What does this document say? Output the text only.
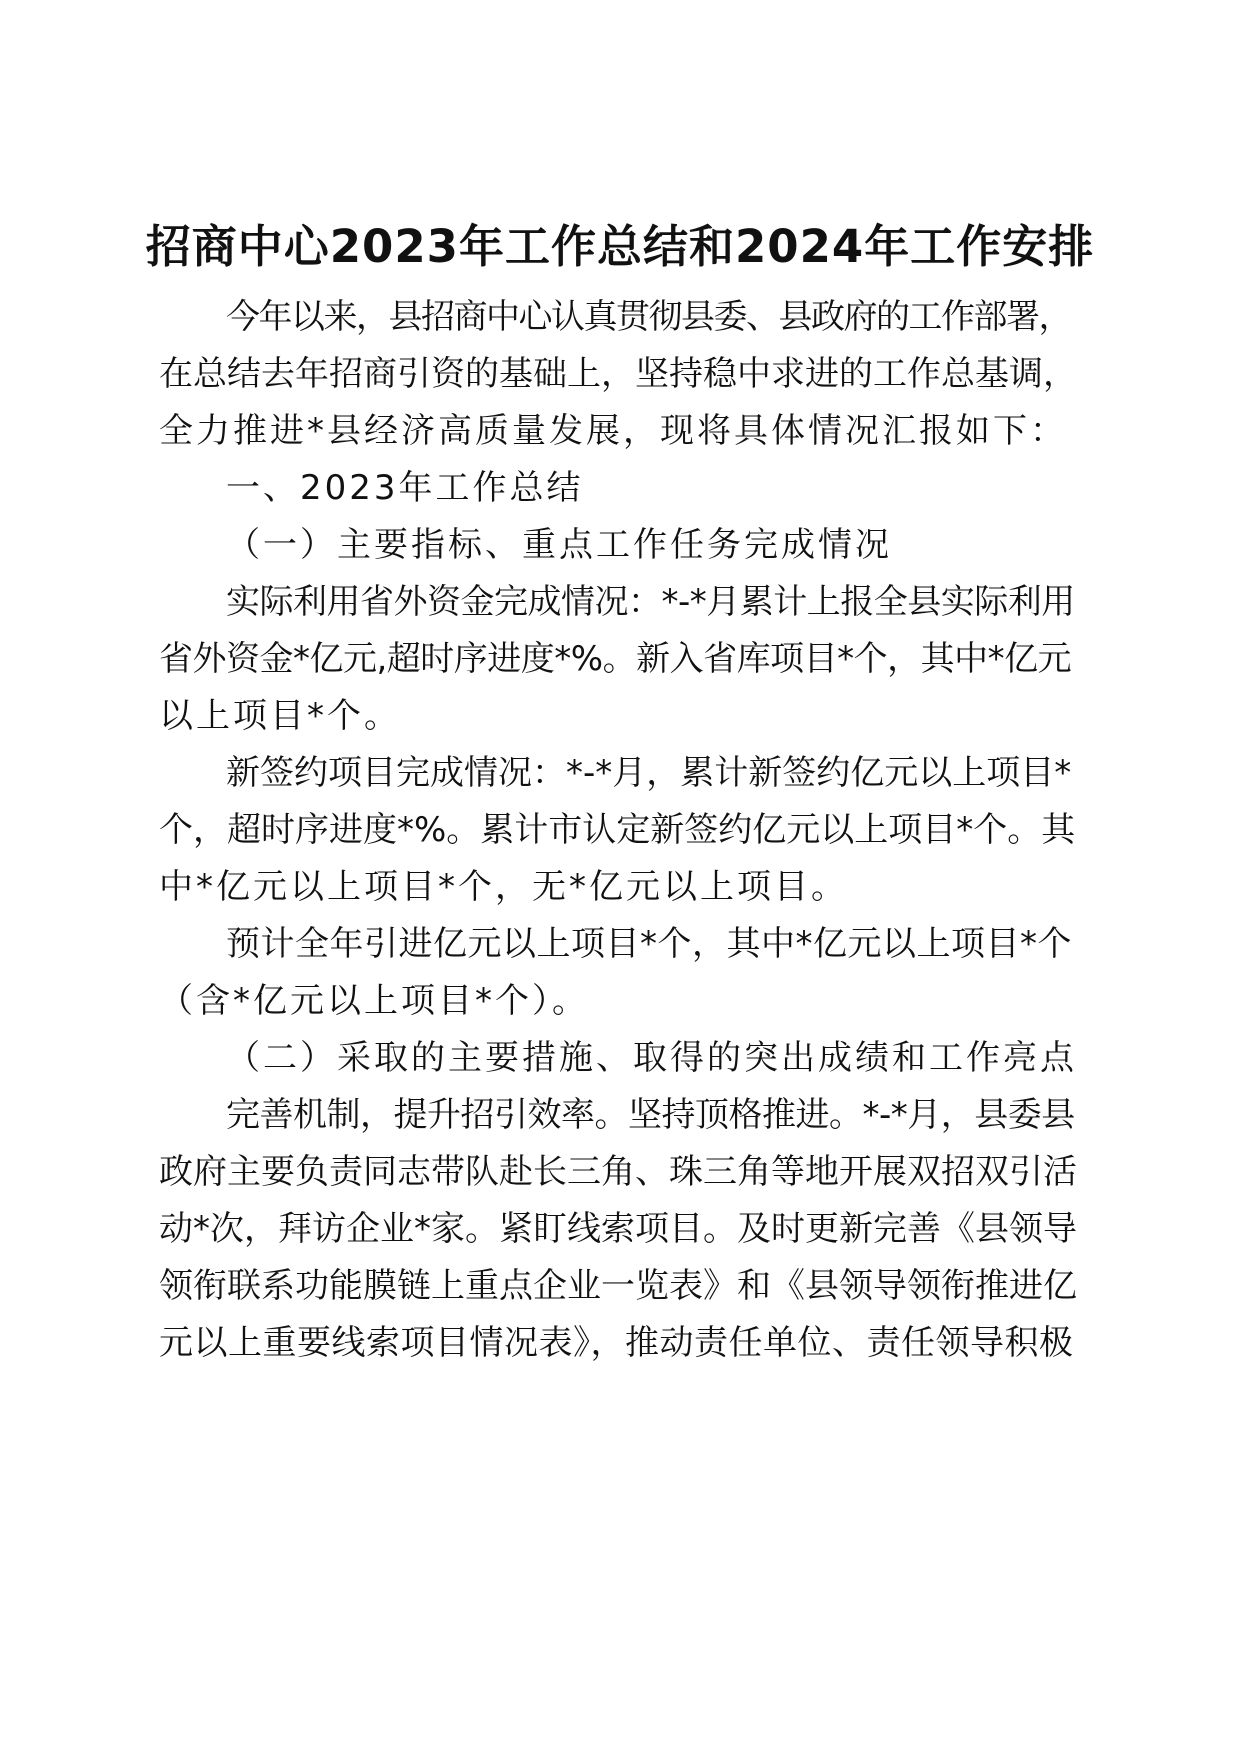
招商中心2023年工作总结和2024年工作安排
今年以来，县招商中心认真贯彻县委、县政府的工作部署，
在总结去年招商引资的基础上，坚持稳中求进的工作总基调，
全力推进*县经济高质量发展，现将具体情况汇报如下：
一、2023年工作总结
（一）主要指标、重点工作任务完成情况
实际利用省外资金完成情况：*-*月累计上报全县实际利用
省外资金*亿元,超时序进度*%。新入省库项目*个，其中*亿元
以上项目*个。
新签约项目完成情况：*-*月，累计新签约亿元以上项目*
个，超时序进度*%。累计市认定新签约亿元以上项目*个。其
中*亿元以上项目*个，无*亿元以上项目。
预计全年引进亿元以上项目*个，其中*亿元以上项目*个
（含*亿元以上项目*个）。
（二）采取的主要措施、取得的突出成绩和工作亮点
完善机制，提升招引效率。坚持顶格推进。*-*月，县委县
政府主要负责同志带队赴长三角、珠三角等地开展双招双引活
动*次，拜访企业*家。紧盯线索项目。及时更新完善《县领导
领衔联系功能膜链上重点企业一览表》和《县领导领衔推进亿
元以上重要线索项目情况表》，推动责任单位、责任领导积极
